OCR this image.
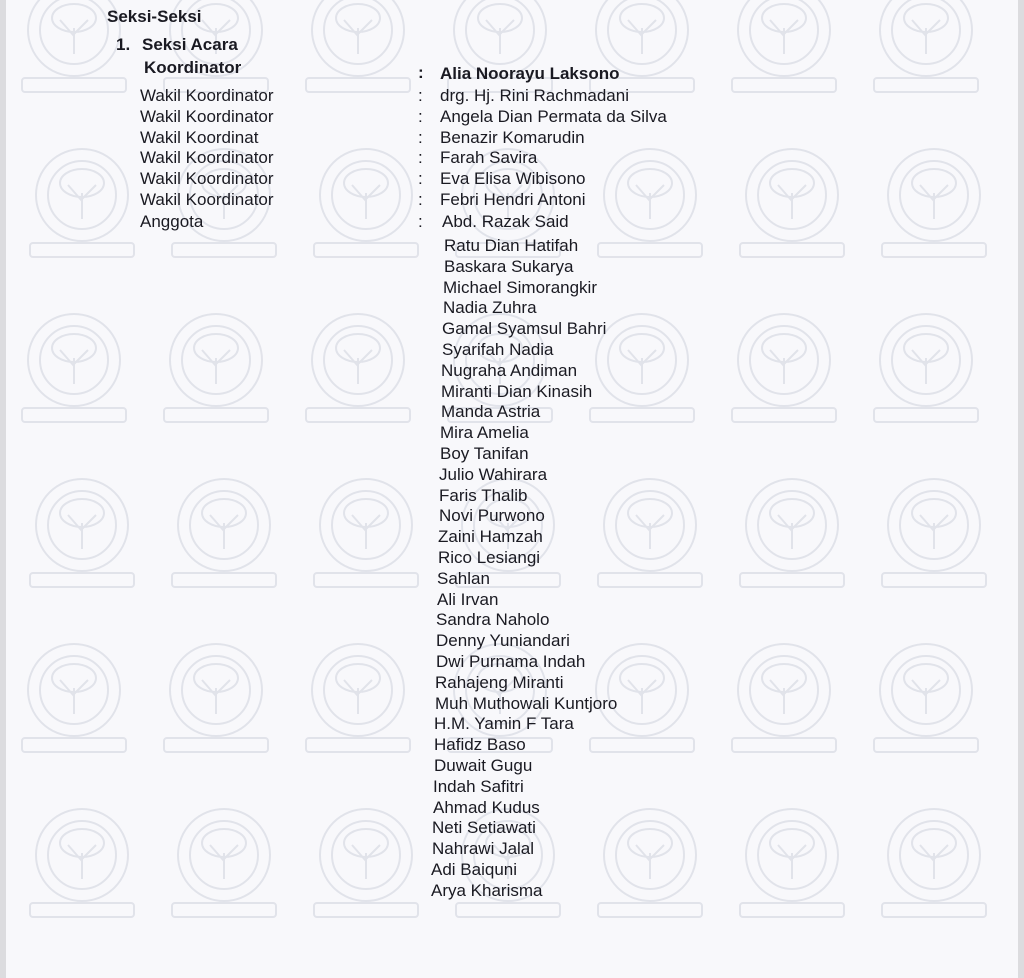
Seksi-Seksi
1. Seksi Acara
Koordinator	: Alia Noorayu Laksono
Wakil Koordinator	: drg. Hj. Rini Rachmadani
Wakil Koordinator	: Angela Dian Permata da Silva
Wakil Koordinat	: Benazir Komarudin
Wakil Koordinator	: Farah Savira
Wakil Koordinator	: Eva Elisa Wibisono
Wakil Koordinator	: Febri Hendri Antoni
Anggota	: Abd. Razak Said
Ratu Dian Hatifah
Baskara Sukarya
Michael Simorangkir
Nadia Zuhra
Gamal Syamsul Bahri
Syarifah Nadia
Nugraha Andiman
Miranti Dian Kinasih
Manda Astria
Mira Amelia
Boy Tanifan
Julio Wahirara
Faris Thalib
Novi Purwono
Zaini Hamzah
Rico Lesiangi
Sahlan
Ali Irvan
Sandra Naholo
Denny Yuniandari
Dwi Purnama Indah
Rahajeng Miranti
Muh Muthowali Kuntjoro
H.M. Yamin F Tara
Hafidz Baso
Duwait Gugu
Indah Safitri
Ahmad Kudus
Neti Setiawati
Nahrawi Jalal
Adi Baiquni
Arya Kharisma
